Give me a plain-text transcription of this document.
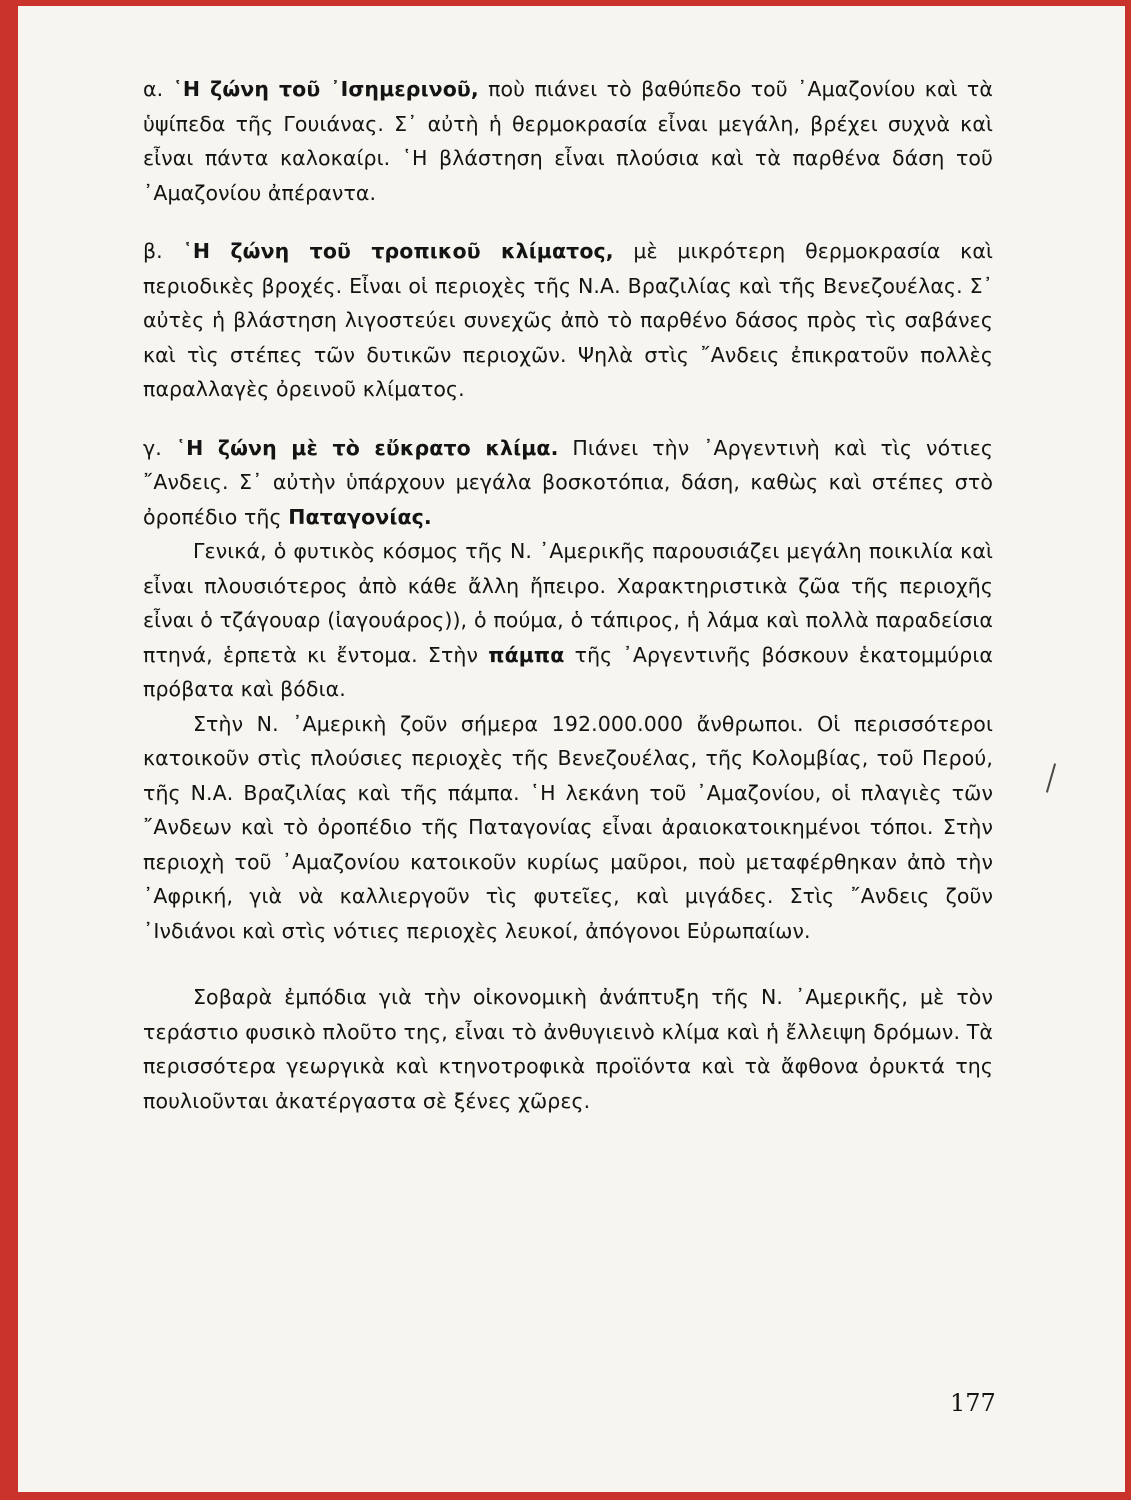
α. ῾Η ζώνη τοῦ ᾿Ισημερινοῦ, ποὺ πιάνει τὸ βαθύπεδο τοῦ ᾿Αμαζονίου καὶ τὰ ὑψίπεδα τῆς Γουιάνας. Σ᾿ αὐτὴ ἡ θερμοκρασία εἶναι μεγάλη, βρέχει συχνὰ καὶ εἶναι πάντα καλοκαίρι. ῾Η βλάστηση εἶναι πλούσια καὶ τὰ παρθένα δάση τοῦ ᾿Αμαζονίου ἀπέραντα.

β. ῾Η ζώνη τοῦ τροπικοῦ κλίματος, μὲ μικρότερη θερμοκρασία καὶ περιοδικὲς βροχές. Εἶναι οἱ περιοχὲς τῆς Ν.Α. Βραζιλίας καὶ τῆς Βενεζουέλας. Σ᾿ αὐτὲς ἡ βλάστηση λιγοστεύει συνεχῶς ἀπὸ τὸ παρθένο δάσος πρὸς τὶς σαβάνες καὶ τὶς στέπες τῶν δυτικῶν περιοχῶν. Ψηλὰ στὶς ῎Ανδεις ἐπικρατοῦν πολλὲς παραλλαγὲς ὀρεινοῦ κλίματος.

γ. ῾Η ζώνη μὲ τὸ εὔκρατο κλίμα. Πιάνει τὴν ᾿Αργεντινὴ καὶ τὶς νότιες ῎Ανδεις. Σ᾿ αὐτὴν ὑπάρχουν μεγάλα βοσκοτόπια, δάση, καθὼς καὶ στέπες στὸ ὀροπέδιο τῆς Παταγονίας.

Γενικά, ὁ φυτικὸς κόσμος τῆς Ν. ᾿Αμερικῆς παρουσιάζει μεγάλη ποικιλία καὶ εἶναι πλουσιότερος ἀπὸ κάθε ἄλλη ἤπειρο. Χαρακτηριστικὰ ζῶα τῆς περιοχῆς εἶναι ὁ τζάγουαρ (ἰαγουάρος)), ὁ πούμα, ὁ τάπιρος, ἡ λάμα καὶ πολλὰ παραδείσια πτηνά, ἑρπετὰ κι ἔντομα. Στὴν πάμπα τῆς ᾿Αργεντινῆς βόσκουν ἑκατομμύρια πρόβατα καὶ βόδια.

Στὴν Ν. ᾿Αμερικὴ ζοῦν σήμερα 192.000.000 ἄνθρωποι. Οἱ περισσότεροι κατοικοῦν στὶς πλούσιες περιοχὲς τῆς Βενεζουέλας, τῆς Κολομβίας, τοῦ Περού, τῆς Ν.Α. Βραζιλίας καὶ τῆς πάμπα. ῾Η λεκάνη τοῦ ᾿Αμαζονίου, οἱ πλαγιὲς τῶν ῎Ανδεων καὶ τὸ ὀροπέδιο τῆς Παταγονίας εἶναι ἀραιοκατοικημένοι τόποι. Στὴν περιοχὴ τοῦ ᾿Αμαζονίου κατοικοῦν κυρίως μαῦροι, ποὺ μεταφέρθηκαν ἀπὸ τὴν ᾿Αφρική, γιὰ νὰ καλλιεργοῦν τὶς φυτεῖες, καὶ μιγάδες. Στὶς ῎Ανδεις ζοῦν ᾿Ινδιάνοι καὶ στὶς νότιες περιοχὲς λευκοί, ἀπόγονοι Εὐρωπαίων.

Σοβαρὰ ἐμπόδια γιὰ τὴν οἰκονομικὴ ἀνάπτυξη τῆς Ν. ᾿Αμερικῆς, μὲ τὸν τεράστιο φυσικὸ πλοῦτο της, εἶναι τὸ ἀνθυγιεινὸ κλίμα καὶ ἡ ἔλλειψη δρόμων. Τὰ περισσότερα γεωργικὰ καὶ κτηνοτροφικὰ προϊόντα καὶ τὰ ἄφθονα ὀρυκτά της πουλιοῦνται ἀκατέργαστα σὲ ξένες χῶρες.

177
